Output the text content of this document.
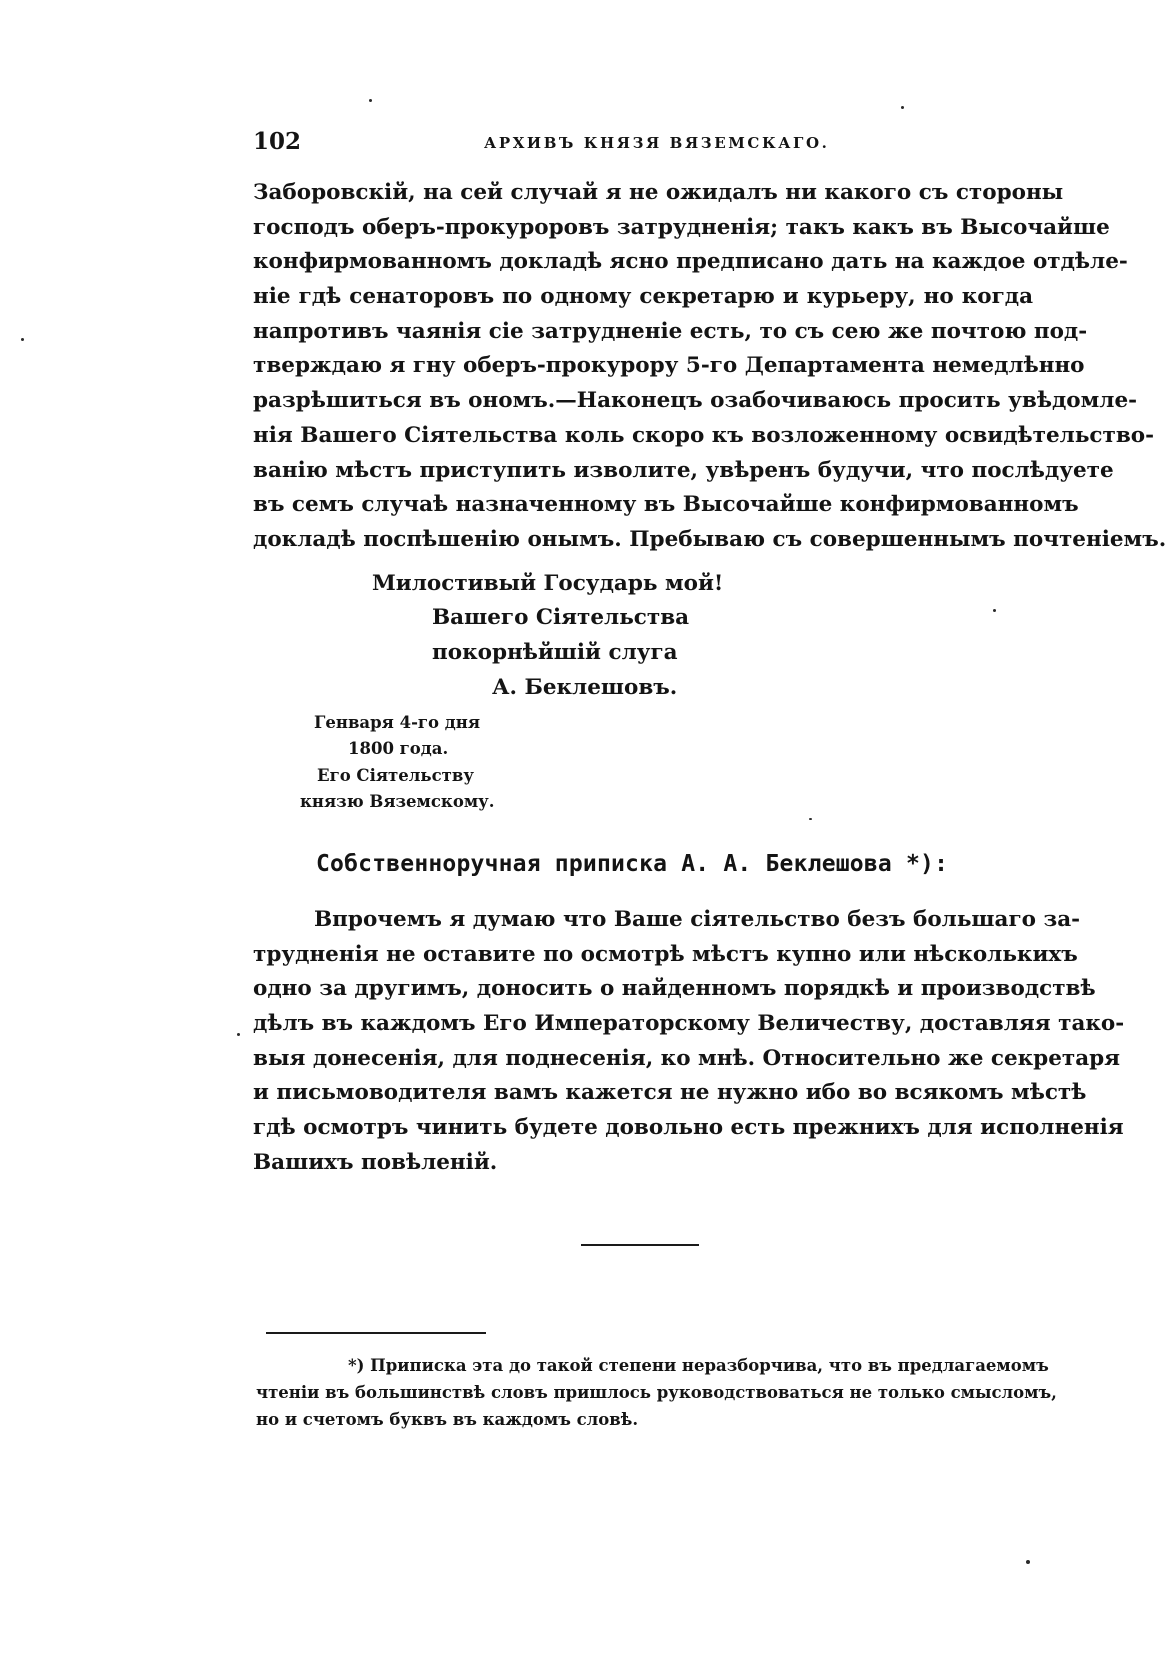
102	АРХИВЪ КНЯЗЯ ВЯЗЕМСКАГО.
Заборовскій, на сей случай я не ожидалъ ни какого съ стороны
господъ оберъ-прокуроровъ затрудненія; такъ какъ въ Высочайше
конфирмованномъ докладѣ ясно предписано дать на каждое отдѣле-
ніе гдѣ сенаторовъ по одному секретарю и курьеру, но когда
напротивъ чаянія сіе затрудненіе есть, то съ сею же почтою под-
тверждаю я гну оберъ-прокурору 5-го Департамента немедлѣнно
разрѣшиться въ ономъ.—Наконецъ озабочиваюсь просить увѣдомле-
нія Вашего Сіятельства коль скоро къ возложенному освидѣтельство-
ванію мѣстъ приступить изволите, увѣренъ будучи, что послѣдуете
въ семъ случаѣ назначенному въ Высочайше конфирмованномъ
докладѣ поспѣшенію онымъ. Пребываю съ совершеннымъ почтеніемъ.
Милостивый Государь мой!
Вашего Сіятельства
покорнѣйшій слуга
А. Беклешовъ.
Генваря 4-го дня
1800 года.
Его Сіятельству
князю Вяземскому.
Собственноручная приписка А. А. Беклешова *):
Впрочемъ я думаю что Ваше сіятельство безъ большаго за-
трудненія не оставите по осмотрѣ мѣстъ купно или нѣсколькихъ
одно за другимъ, доносить о найденномъ порядкѣ и производствѣ
дѣлъ въ каждомъ Его Императорскому Величеству, доставляя тако-
выя донесенія, для поднесенія, ко мнѣ. Относительно же секретаря
и письмоводителя вамъ кажется не нужно ибо во всякомъ мѣстѣ
гдѣ осмотръ чинить будете довольно есть прежнихъ для исполненія
Вашихъ повѣленій.
*) Приписка эта до такой степени неразборчива, что въ предлагаемомъ
чтеніи въ большинствѣ словъ пришлось руководствоваться не только смысломъ,
но и счетомъ буквъ въ каждомъ словѣ.
